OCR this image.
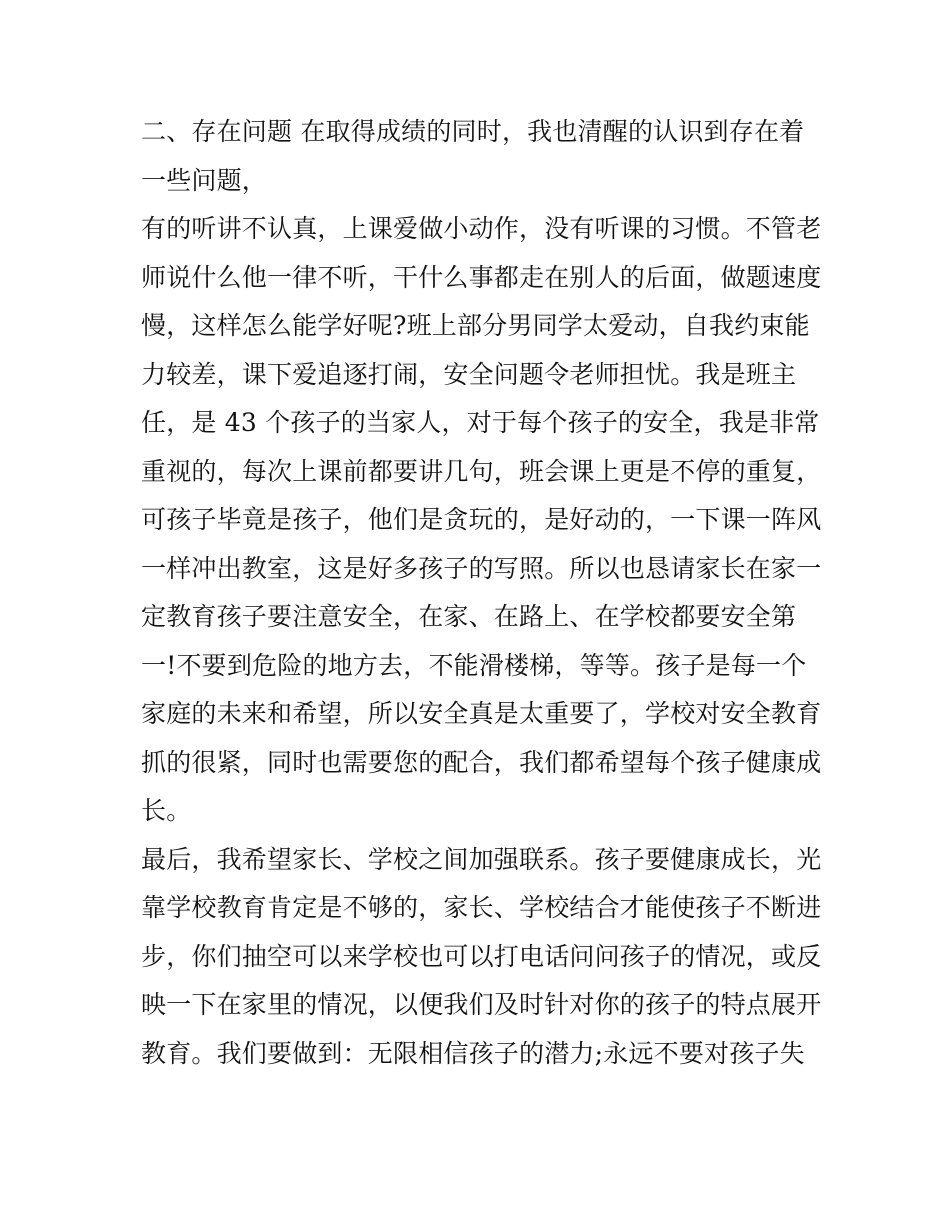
二、存在问题 在取得成绩的同时，我也清醒的认识到存在着
一些问题，
有的听讲不认真，上课爱做小动作，没有听课的习惯。不管老
师说什么他一律不听，干什么事都走在别人的后面，做题速度
慢，这样怎么能学好呢?班上部分男同学太爱动，自我约束能
力较差，课下爱追逐打闹，安全问题令老师担忧。我是班主
任，是 43 个孩子的当家人，对于每个孩子的安全，我是非常
重视的，每次上课前都要讲几句，班会课上更是不停的重复，
可孩子毕竟是孩子，他们是贪玩的，是好动的，一下课一阵风
一样冲出教室，这是好多孩子的写照。所以也恳请家长在家一
定教育孩子要注意安全，在家、在路上、在学校都要安全第
一!不要到危险的地方去，不能滑楼梯，等等。孩子是每一个
家庭的未来和希望，所以安全真是太重要了，学校对安全教育
抓的很紧，同时也需要您的配合，我们都希望每个孩子健康成
长。
最后，我希望家长、学校之间加强联系。孩子要健康成长，光
靠学校教育肯定是不够的，家长、学校结合才能使孩子不断进
步，你们抽空可以来学校也可以打电话问问孩子的情况，或反
映一下在家里的情况，以便我们及时针对你的孩子的特点展开
教育。我们要做到：无限相信孩子的潜力;永远不要对孩子失
